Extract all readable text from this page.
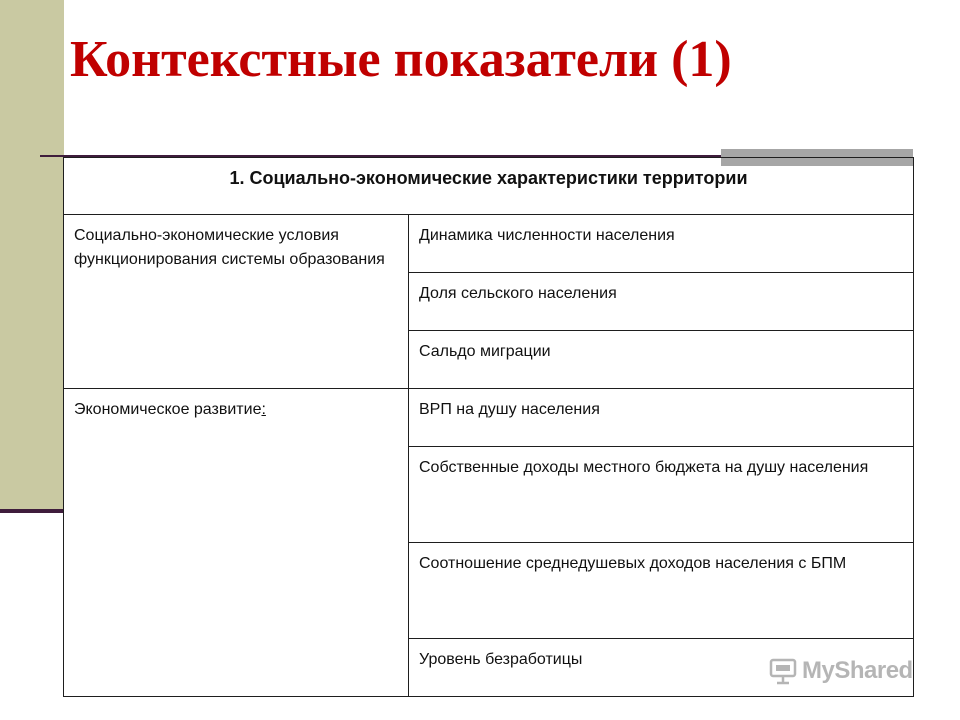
Контекстные показатели (1)
1. Социально-экономические характеристики территории	
Социально-экономические условия функционирования системы образования	Динамика численности населения
	Доля сельского населения
	Сальдо миграции
Экономическое развитие:	ВРП на душу населения
	Собственные доходы местного бюджета на душу населения
	Соотношение среднедушевых доходов населения с БПМ
	Уровень безработицы	MyShared
